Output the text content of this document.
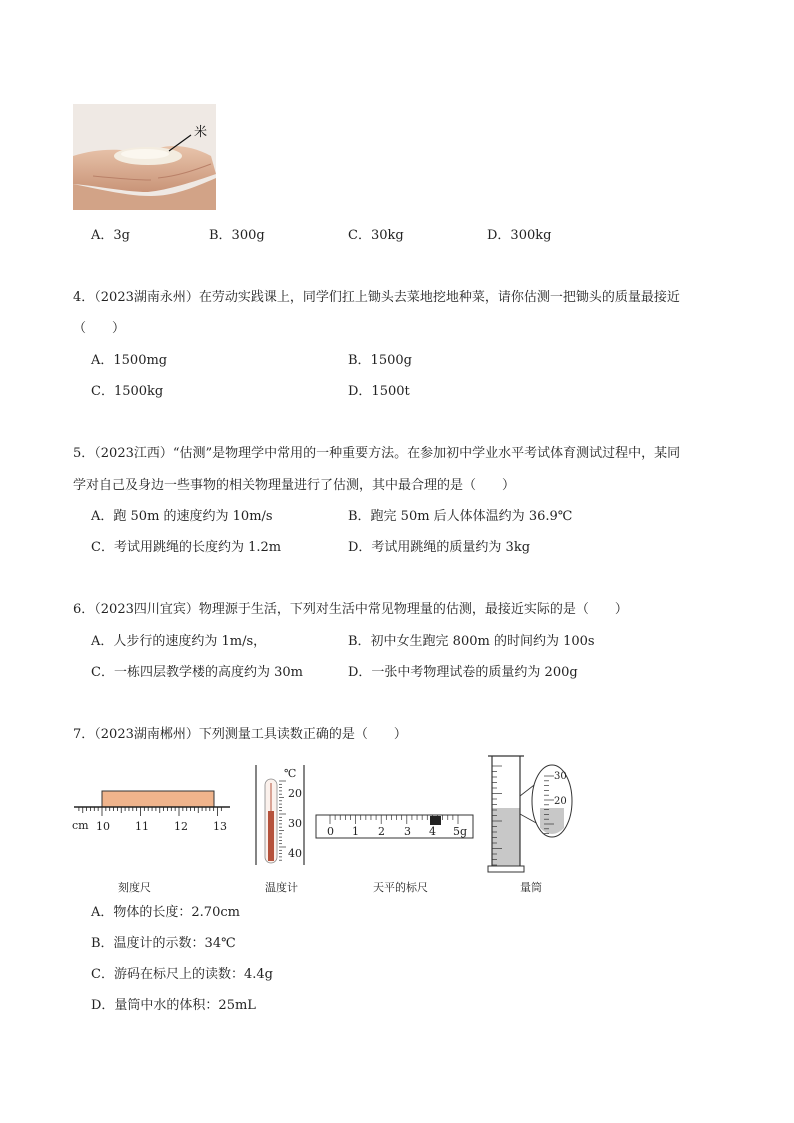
米
A．3g	B．300g	C．30kg	D．300kg
4．（2023湖南永州）在劳动实践课上，同学们扛上锄头去菜地挖地种菜，请你估测一把锄头的质量最接近
（　　）
A．1500mg	B．1500g
C．1500kg	D．1500t
5．（2023江西）“估测”是物理学中常用的一种重要方法。在参加初中学业水平考试体育测试过程中，某同
学对自己及身边一些事物的相关物理量进行了估测，其中最合理的是（　　）
A．跑 50m 的速度约为 10m/s	B．跑完 50m 后人体体温约为 36.9℃
C．考试用跳绳的长度约为 1.2m	D．考试用跳绳的质量约为 3kg
6．（2023四川宜宾）物理源于生活，下列对生活中常见物理量的估测，最接近实际的是（　　）
A．人步行的速度约为 1m/s，	B．初中女生跑完 800m 的时间约为 100s
C．一栋四层教学楼的高度约为 30m	D．一张中考物理试卷的质量约为 200g
7．（2023湖南郴州）下列测量工具读数正确的是（　　）
cm 10 11 12 13
℃
20
30
40
0 1 2 3 4 5g
30
20
刻度尺	温度计	天平的标尺	量筒
A．物体的长度：2.70cm
B．温度计的示数：34℃
C．游码在标尺上的读数：4.4g
D．量筒中水的体积：25mL
